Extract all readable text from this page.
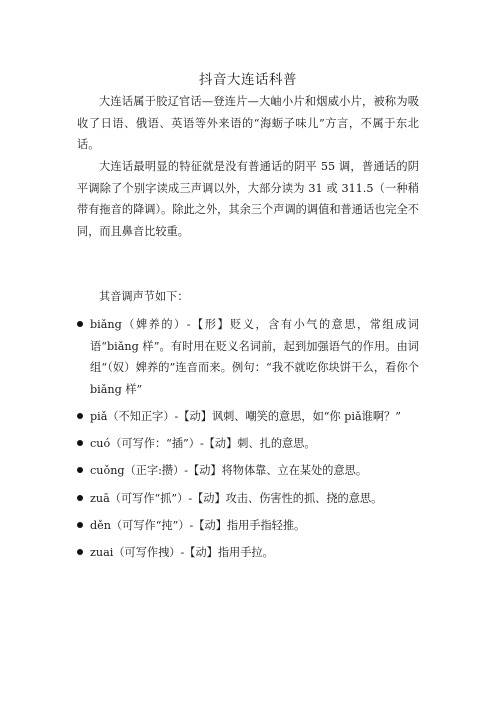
抖音大连话科普

大连话属于胶辽官话—登连片—大岫小片和烟威小片，被称为吸收了日语、俄语、英语等外来语的“海蛎子味儿”方言，不属于东北话。

大连话最明显的特征就是没有普通话的阴平 55 调，普通话的阴平调除了个别字读成三声调以外，大部分读为 31 或 311.5（一种稍带有拖音的降调）。除此之外，其余三个声调的调值和普通话也完全不同，而且鼻音比较重。

其音调声节如下：

biǎng（婢养的）-【形】贬义，含有小气的意思，常组成词语“biǎng 样”。有时用在贬义名词前，起到加强语气的作用。由词组“（奴）婢养的”连音而来。例句：“我不就吃你块饼干么，看你个 biǎng 样”
piǎ（不知正字）-【动】讽刺、嘲笑的意思，如“你 piǎ谁啊？”
cuó（可写作：“插”）-【动】刺、扎的意思。
cuǒng（正字:攒）-【动】将物体靠、立在某处的意思。
zuā（可写作“抓”）-【动】攻击、伤害性的抓、挠的意思。
děn（可写作“扽”）-【动】指用手指轻推。
zuai（可写作拽）-【动】指用手拉。
